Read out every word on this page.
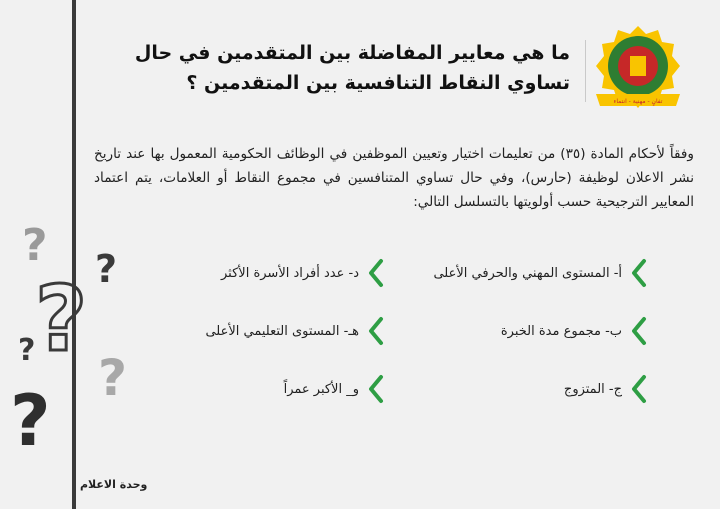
? ?
?
? ?
?
ما هي معايير المفاضلة بين المتقدمين في حال تساوي النقاط التنافسية بين المتقدمين ؟
تفانٍ - مهنية - انتماء
وفقاً لأحكام المادة (٣٥) من تعليمات اختيار وتعيين الموظفين في الوظائف الحكومية المعمول بها عند تاريخ نشر الاعلان لوظيفة (حارس)، وفي حال تساوي المتنافسين في مجموع النقاط أو العلامات، يتم اعتماد المعايير الترجيحية حسب أولويتها بالتسلسل التالي:
أ- المستوى المهني والحرفي الأعلى
ب- مجموع مدة الخبرة
ج- المتزوج
د- عدد أفراد الأسرة الأكثر
هـ- المستوى التعليمي الأعلى
و_ الأكبر عمراً
وحدة الاعلام
